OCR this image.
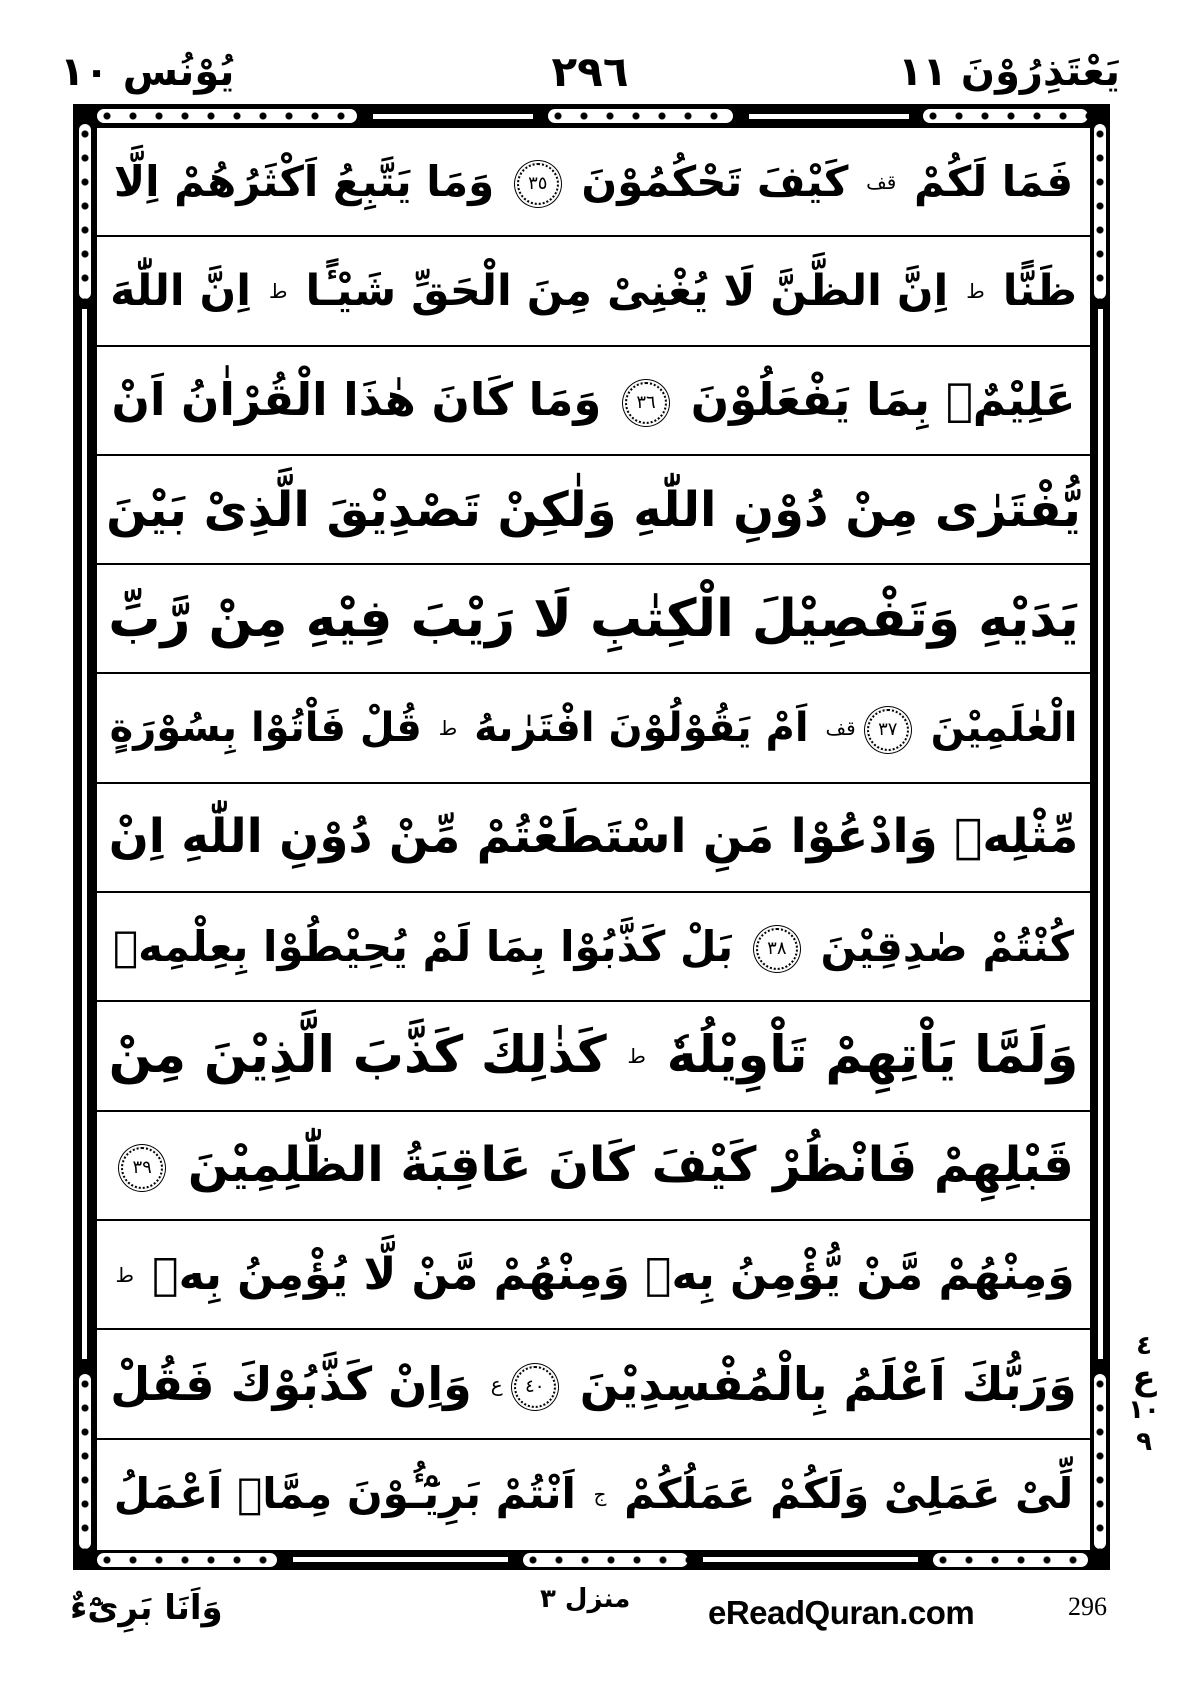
یُوْنُس ١٠	٢٩٦	یَعْتَذِرُوْنَ ١١
فَمَا لَكُمْ $^{قف}$ كَيْفَ تَحْكُمُوْنَ ٣٥ وَمَا يَتَّبِعُ اَكْثَرُهُمْ اِلَّا
ظَنًّا $^ط$ اِنَّ الظَّنَّ لَا يُغْنِىْ مِنَ الْحَقِّ شَيْـًٔا $^ط$ اِنَّ اللّٰهَ
عَلِيْمٌۢ بِمَا يَفْعَلُوْنَ ٣٦ وَمَا كَانَ هٰذَا الْقُرْاٰنُ اَنْ
يُّفْتَرٰى مِنْ دُوْنِ اللّٰهِ وَلٰكِنْ تَصْدِيْقَ الَّذِىْ بَيْنَ
يَدَيْهِ وَتَفْصِيْلَ الْكِتٰبِ لَا رَيْبَ فِيْهِ مِنْ رَّبِّ
الْعٰلَمِيْنَ $٣٧^{قف}$ اَمْ يَقُوْلُوْنَ افْتَرٰىهُ $^ط$ قُلْ فَاْتُوْا بِسُوْرَةٍ
مِّثْلِهٖ وَادْعُوْا مَنِ اسْتَطَعْتُمْ مِّنْ دُوْنِ اللّٰهِ اِنْ
كُنْتُمْ صٰدِقِيْنَ ٣٨ بَلْ كَذَّبُوْا بِمَا لَمْ يُحِيْطُوْا بِعِلْمِهٖ
وَلَمَّا يَاْتِهِمْ تَاْوِيْلُهٗ $^ط$ كَذٰلِكَ كَذَّبَ الَّذِيْنَ مِنْ
قَبْلِهِمْ فَانْظُرْ كَيْفَ كَانَ عَاقِبَةُ الظّٰلِمِيْنَ ٣٩
وَمِنْهُمْ مَّنْ يُّؤْمِنُ بِهٖ وَمِنْهُمْ مَّنْ لَّا يُؤْمِنُ بِهٖ $^ط$
وَرَبُّكَ اَعْلَمُ بِالْمُفْسِدِيْنَ $٤٠^ع$ وَاِنْ كَذَّبُوْكَ فَقُلْ
لِّىْ عَمَلِىْ وَلَكُمْ عَمَلُكُمْ $^ج$ اَنْتُمْ بَرِيْٓـُٔوْنَ مِمَّاۤ اَعْمَلُ
٤
ع
١٠
٩
وَاَنَا بَرِیْٓءٌ	منزل ٣ eReadQuran.com	296
